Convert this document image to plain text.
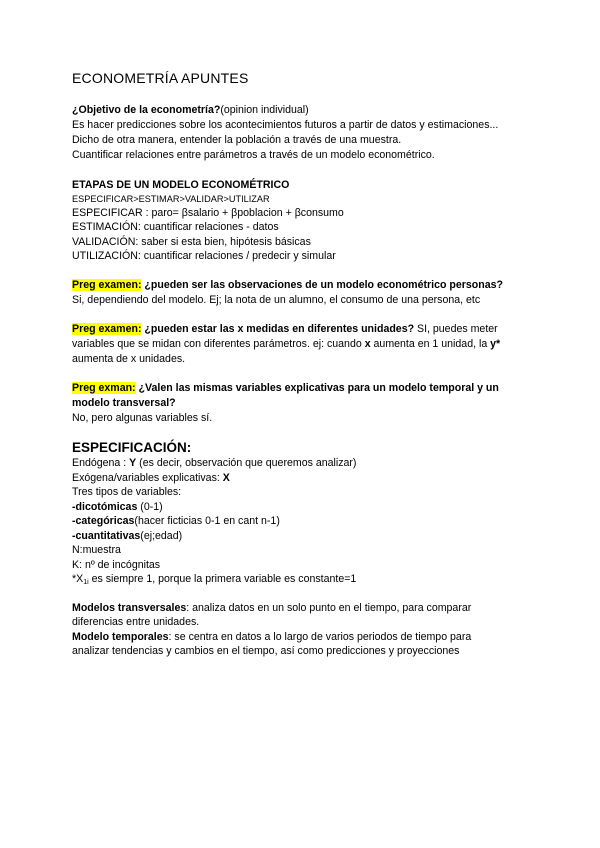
ECONOMETRÍA APUNTES
¿Objetivo de la econometría?(opinion individual)
Es hacer predicciones sobre los acontecimientos futuros a partir de datos y estimaciones...
Dicho de otra manera, entender la población a través de una muestra.
Cuantificar relaciones entre parámetros a través de un modelo econométrico.
ETAPAS DE UN MODELO ECONOMÉTRICO
ESPECIFICAR>ESTIMAR>VALIDAR>UTILIZAR
ESPECIFICAR : paro= βsalario + βpoblacion + βconsumo
ESTIMACIÓN: cuantificar relaciones - datos
VALIDACIÓN: saber si esta bien, hipótesis básicas
UTILIZACIÓN: cuantificar relaciones / predecir y simular
Preg examen: ¿pueden ser las observaciones de un modelo econométrico personas?
Si, dependiendo del modelo. Ej; la nota de un alumno, el consumo de una persona, etc
Preg examen: ¿pueden estar las x medidas en diferentes unidades? SI, puedes meter
variables que se midan con diferentes parámetros. ej: cuando x aumenta en 1 unidad, la y*
aumenta de x unidades.
Preg exman: ¿Valen las mismas variables explicativas para un modelo temporal y un
modelo transversal?
No, pero algunas variables sí.
ESPECIFICACIÓN:
Endógena : Y (es decir, observación que queremos analizar)
Exógena/variables explicativas: X
Tres tipos de variables:
-dicotómicas (0-1)
-categóricas(hacer ficticias 0-1 en cant n-1)
-cuantitativas(ej;edad)
N:muestra
K: nº de incógnitas
$*X_{1i}$ es siempre 1, porque la primera variable es constante=1
Modelos transversales: analiza datos en un solo punto en el tiempo, para comparar
diferencias entre unidades.
Modelo temporales: se centra en datos a lo largo de varios periodos de tiempo para
analizar tendencias y cambios en el tiempo, así como predicciones y proyecciones
